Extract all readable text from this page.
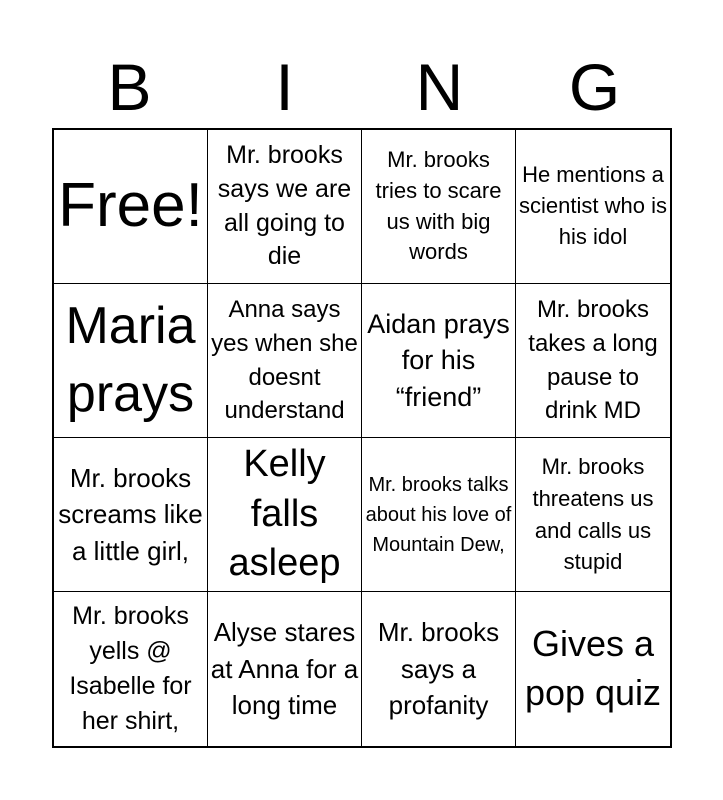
B	I	N	G
Free!
Mr. brooks says we are all going to die
Mr. brooks tries to scare us with big words
He mentions a scientist who is his idol
Maria prays
Anna says yes when she doesnt understand
Aidan prays for his “friend”
Mr. brooks takes a long pause to drink MD
Mr. brooks screams like a little girl,
Kelly falls asleep
Mr. brooks talks about his love of Mountain Dew,
Mr. brooks threatens us and calls us stupid
Mr. brooks yells @ Isabelle for her shirt,
Alyse stares at Anna for a long time
Mr. brooks says a profanity
Gives a pop quiz
